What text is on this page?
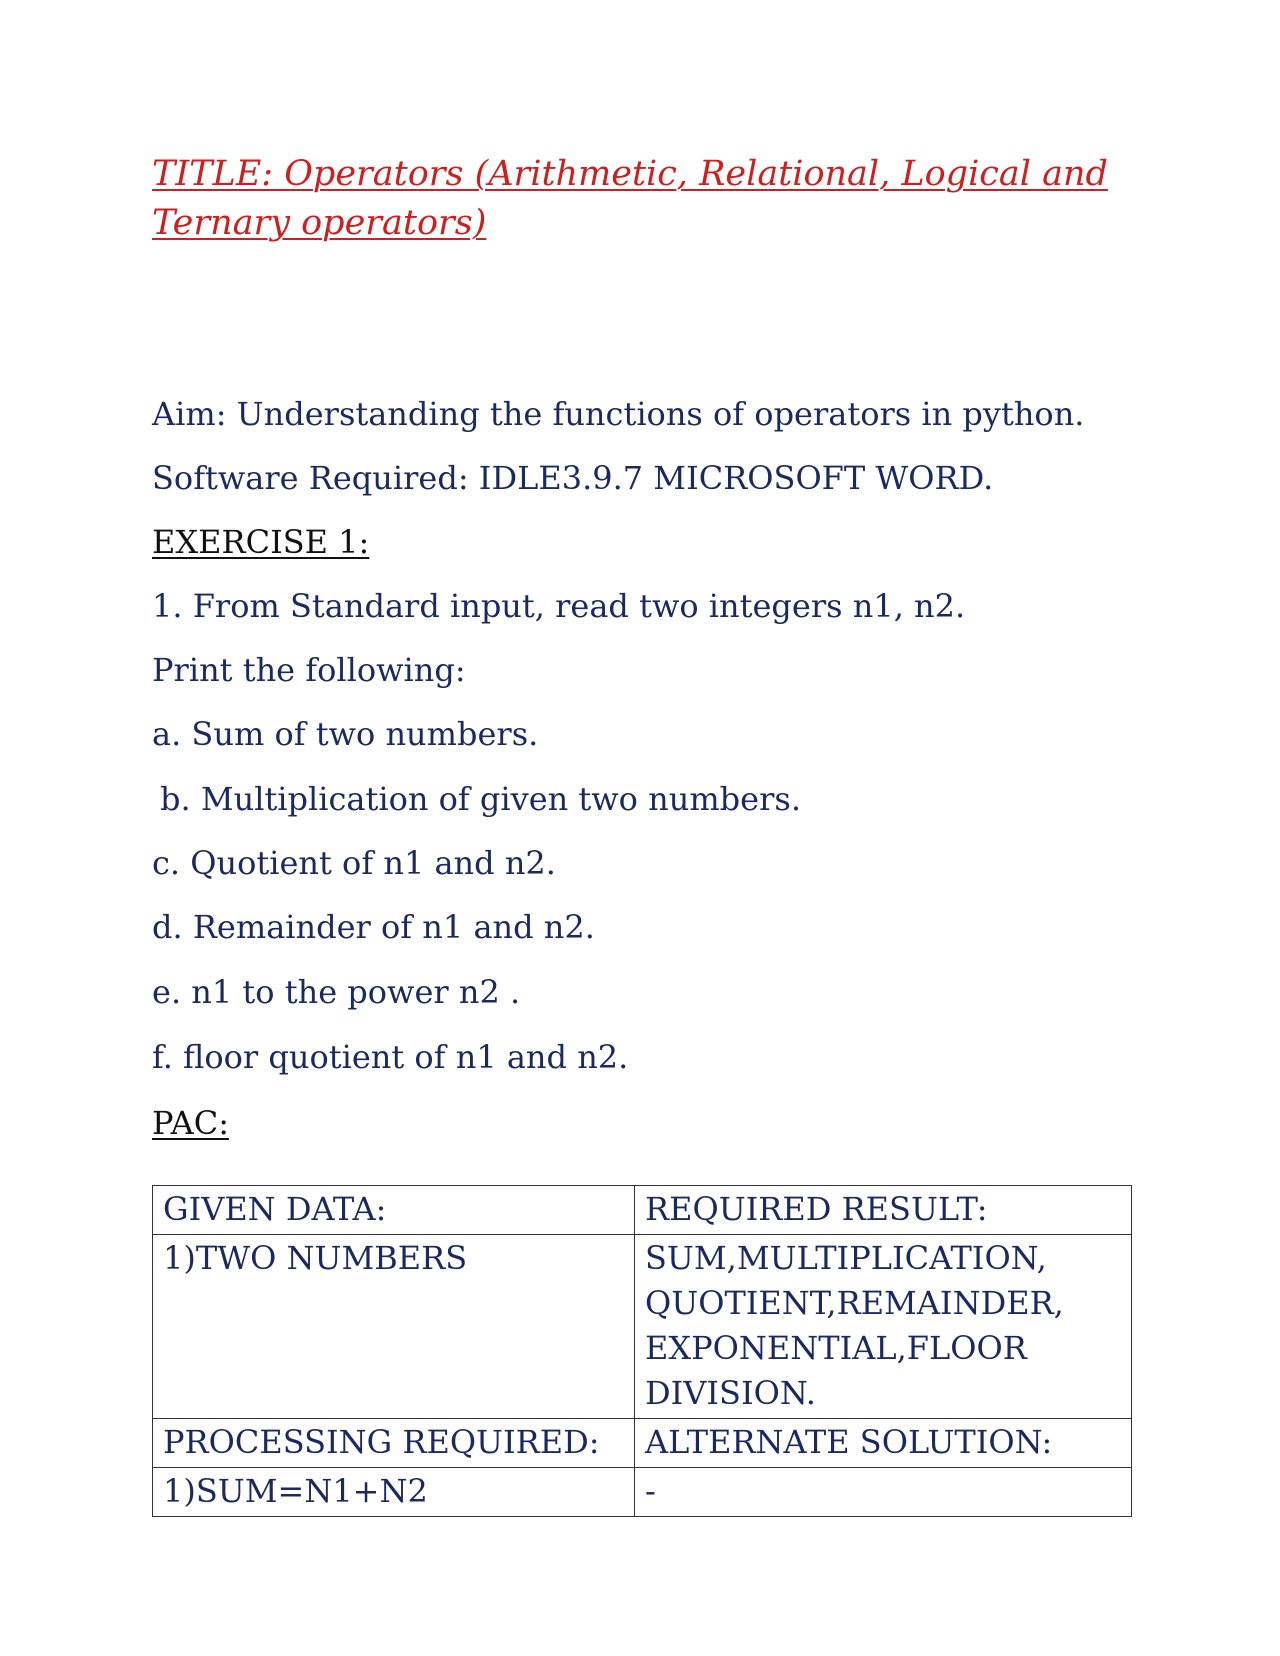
TITLE: Operators (Arithmetic, Relational, Logical and Ternary operators)
Aim: Understanding the functions of operators in python.
Software Required: IDLE3.9.7 MICROSOFT WORD.
EXERCISE 1:
1. From Standard input, read two integers n1, n2.
Print the following:
a. Sum of two numbers.
b. Multiplication of given two numbers.
c. Quotient of n1 and n2.
d. Remainder of n1 and n2.
e. n1 to the power n2 .
f. floor quotient of n1 and n2.
PAC:
GIVEN DATA:	REQUIRED RESULT:
1)TWO NUMBERS	SUM,MULTIPLICATION,
QUOTIENT,REMAINDER,
EXPONENTIAL,FLOOR
DIVISION.
PROCESSING REQUIRED:	ALTERNATE SOLUTION:
1)SUM=N1+N2	-
